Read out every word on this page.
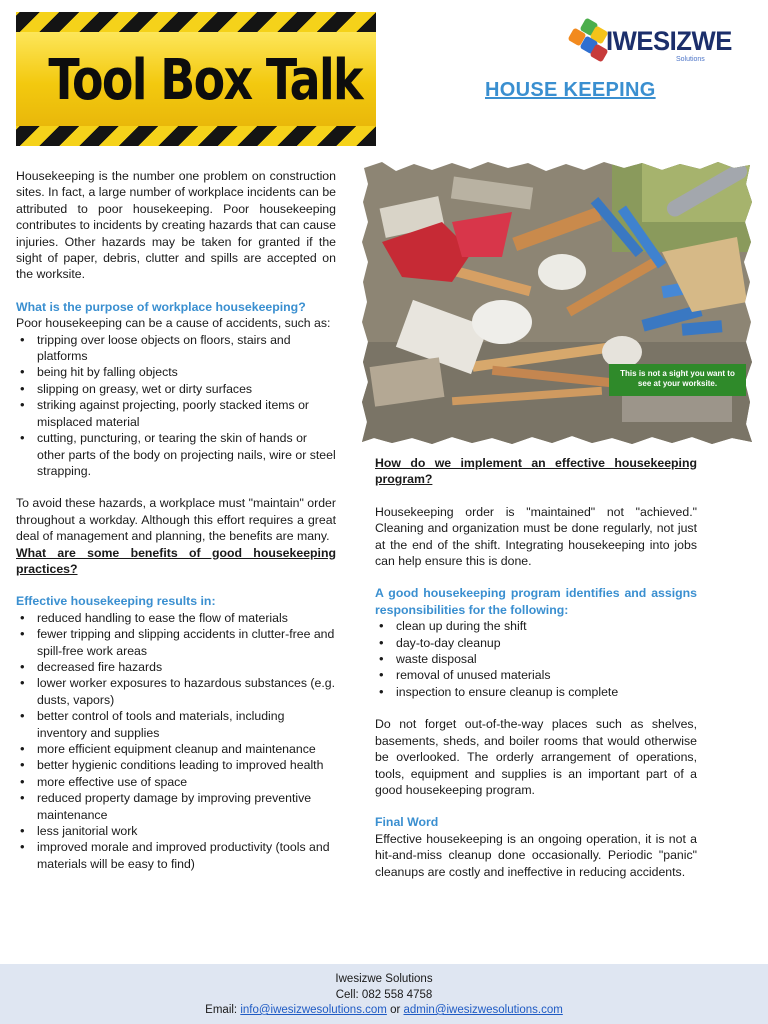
Tool Box Talk
IWESIZWE
Solutions
HOUSE KEEPING

Housekeeping is the number one problem on construction sites. In fact, a large number of workplace incidents can be attributed to poor housekeeping. Poor housekeeping contributes to incidents by creating hazards that can cause injuries. Other hazards may be taken for granted if the sight of paper, debris, clutter and spills are accepted on the worksite.

What is the purpose of workplace housekeeping?

Poor housekeeping can be a cause of accidents, such as:

• tripping over loose objects on floors, stairs and platforms
• being hit by falling objects
• slipping on greasy, wet or dirty surfaces
• striking against projecting, poorly stacked items or misplaced material
• cutting, puncturing, or tearing the skin of hands or other parts of the body on projecting nails, wire or steel strapping.

To avoid these hazards, a workplace must "maintain" order throughout a workday. Although this effort requires a great deal of management and planning, the benefits are many.

What are some benefits of good housekeeping practices?

Effective housekeeping results in:
• reduced handling to ease the flow of materials
• fewer tripping and slipping accidents in clutter-free and spill-free work areas
• decreased fire hazards
• lower worker exposures to hazardous substances (e.g. dusts, vapors)
• better control of tools and materials, including inventory and supplies
• more efficient equipment cleanup and maintenance
• better hygienic conditions leading to improved health
• more effective use of space
• reduced property damage by improving preventive maintenance
• less janitorial work
• improved morale and improved productivity (tools and materials will be easy to find)
This is not a sight you want to see at your worksite.

How do we implement an effective housekeeping program?

Housekeeping order is "maintained" not "achieved." Cleaning and organization must be done regularly, not just at the end of the shift. Integrating housekeeping into jobs can help ensure this is done.

A good housekeeping program identifies and assigns responsibilities for the following:

• clean up during the shift
• day-to-day cleanup
• waste disposal
• removal of unused materials
• inspection to ensure cleanup is complete

Do not forget out-of-the-way places such as shelves, basements, sheds, and boiler rooms that would otherwise be overlooked. The orderly arrangement of operations, tools, equipment and supplies is an important part of a good housekeeping program.

Final Word

Effective housekeeping is an ongoing operation, it is not a hit-and-miss cleanup done occasionally. Periodic "panic" cleanups are costly and ineffective in reducing accidents.

Iwesizwe Solutions
Cell: 082 558 4758
Email: info@iwesizwesolutions.com or admin@iwesizwesolutions.com
